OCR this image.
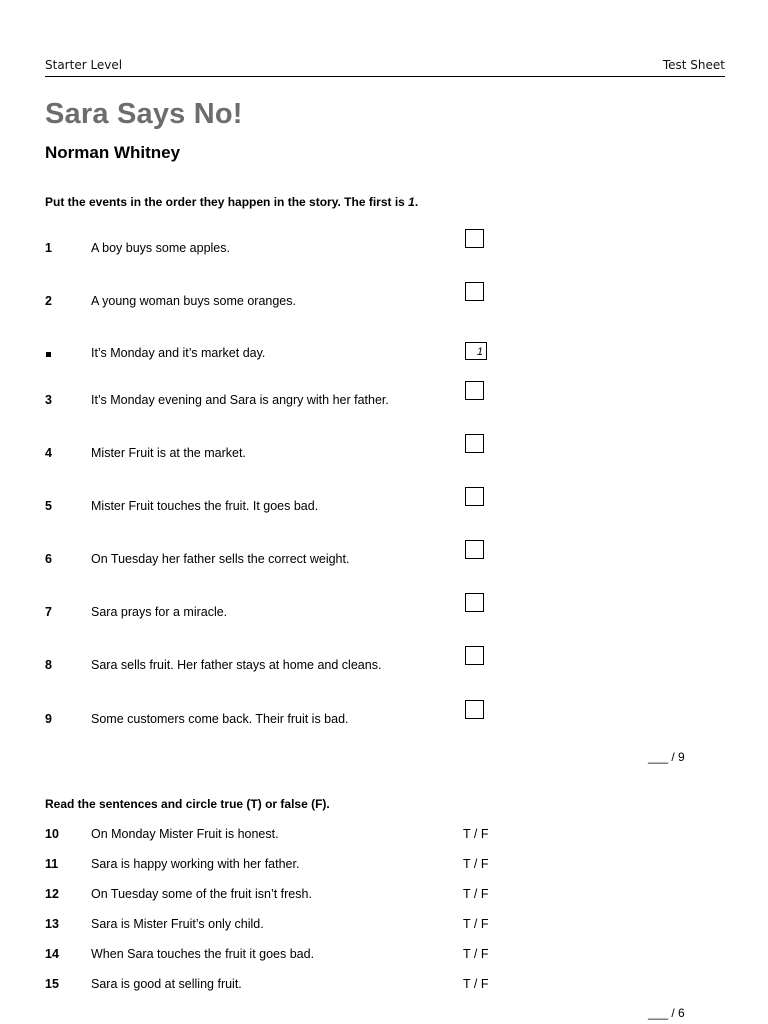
Starter Level	Test Sheet
Sara Says No!
Norman Whitney
Put the events in the order they happen in the story. The first is 1.
1	A boy buys some apples.
2	A young woman buys some oranges.
It’s Monday and it’s market day.	1
3	It’s Monday evening and Sara is angry with her father.
4	Mister Fruit is at the market.
5	Mister Fruit touches the fruit. It goes bad.
6	On Tuesday her father sells the correct weight.
7	Sara prays for a miracle.
8	Sara sells fruit. Her father stays at home and cleans.
9	Some customers come back. Their fruit is bad.
___ / 9
Read the sentences and circle true (T) or false (F).
10	On Monday Mister Fruit is honest.	T / F
11	Sara is happy working with her father.	T / F
12	On Tuesday some of the fruit isn’t fresh.	T / F
13	Sara is Mister Fruit’s only child.	T / F
14	When Sara touches the fruit it goes bad.	T / F
15	Sara is good at selling fruit.	T / F
___ / 6
